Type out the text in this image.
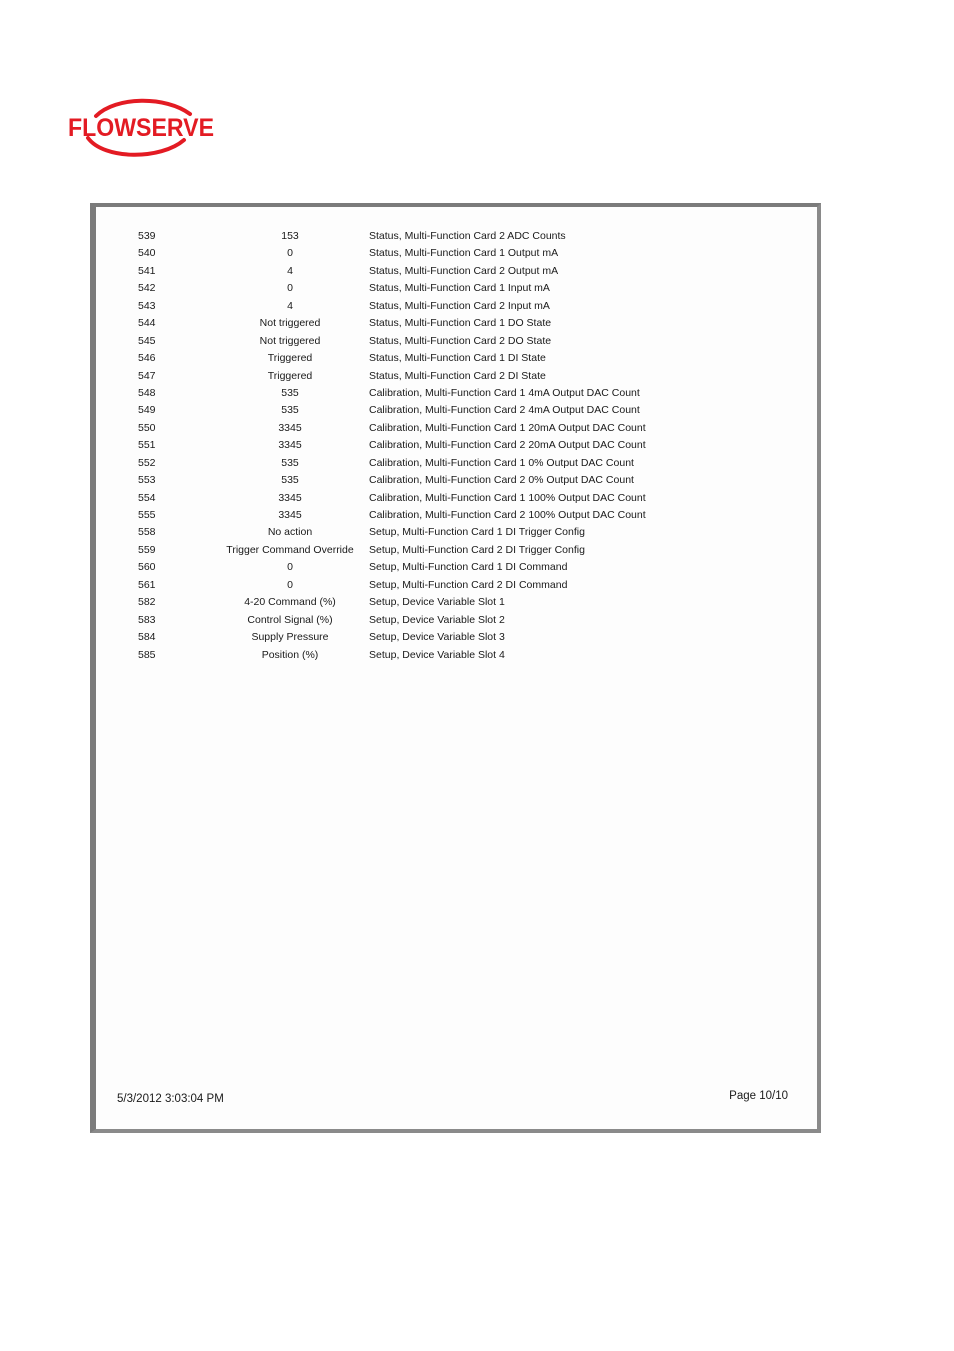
FLOWSERVE
539	153	Status, Multi-Function Card 2 ADC Counts
540	0	Status, Multi-Function Card 1 Output mA
541	4	Status, Multi-Function Card 2 Output mA
542	0	Status, Multi-Function Card 1 Input mA
543	4	Status, Multi-Function Card 2 Input mA
544	Not triggered	Status, Multi-Function Card 1 DO State
545	Not triggered	Status, Multi-Function Card 2 DO State
546	Triggered	Status, Multi-Function Card 1 DI State
547	Triggered	Status, Multi-Function Card 2 DI State
548	535	Calibration, Multi-Function Card 1 4mA Output DAC Count
549	535	Calibration, Multi-Function Card 2 4mA Output DAC Count
550	3345	Calibration, Multi-Function Card 1 20mA Output DAC Count
551	3345	Calibration, Multi-Function Card 2 20mA Output DAC Count
552	535	Calibration, Multi-Function Card 1 0% Output DAC Count
553	535	Calibration, Multi-Function Card 2 0% Output DAC Count
554	3345	Calibration, Multi-Function Card 1 100% Output DAC Count
555	3345	Calibration, Multi-Function Card 2 100% Output DAC Count
558	No action	Setup, Multi-Function Card 1 DI Trigger Config
559	Trigger Command Override	Setup, Multi-Function Card 2 DI Trigger Config
560	0	Setup, Multi-Function Card 1 DI Command
561	0	Setup, Multi-Function Card 2 DI Command
582	4-20 Command (%)	Setup, Device Variable Slot 1
583	Control Signal (%)	Setup, Device Variable Slot 2
584	Supply Pressure	Setup, Device Variable Slot 3
585	Position (%)	Setup, Device Variable Slot 4
5/3/2012 3:03:04 PM	Page 10/10
